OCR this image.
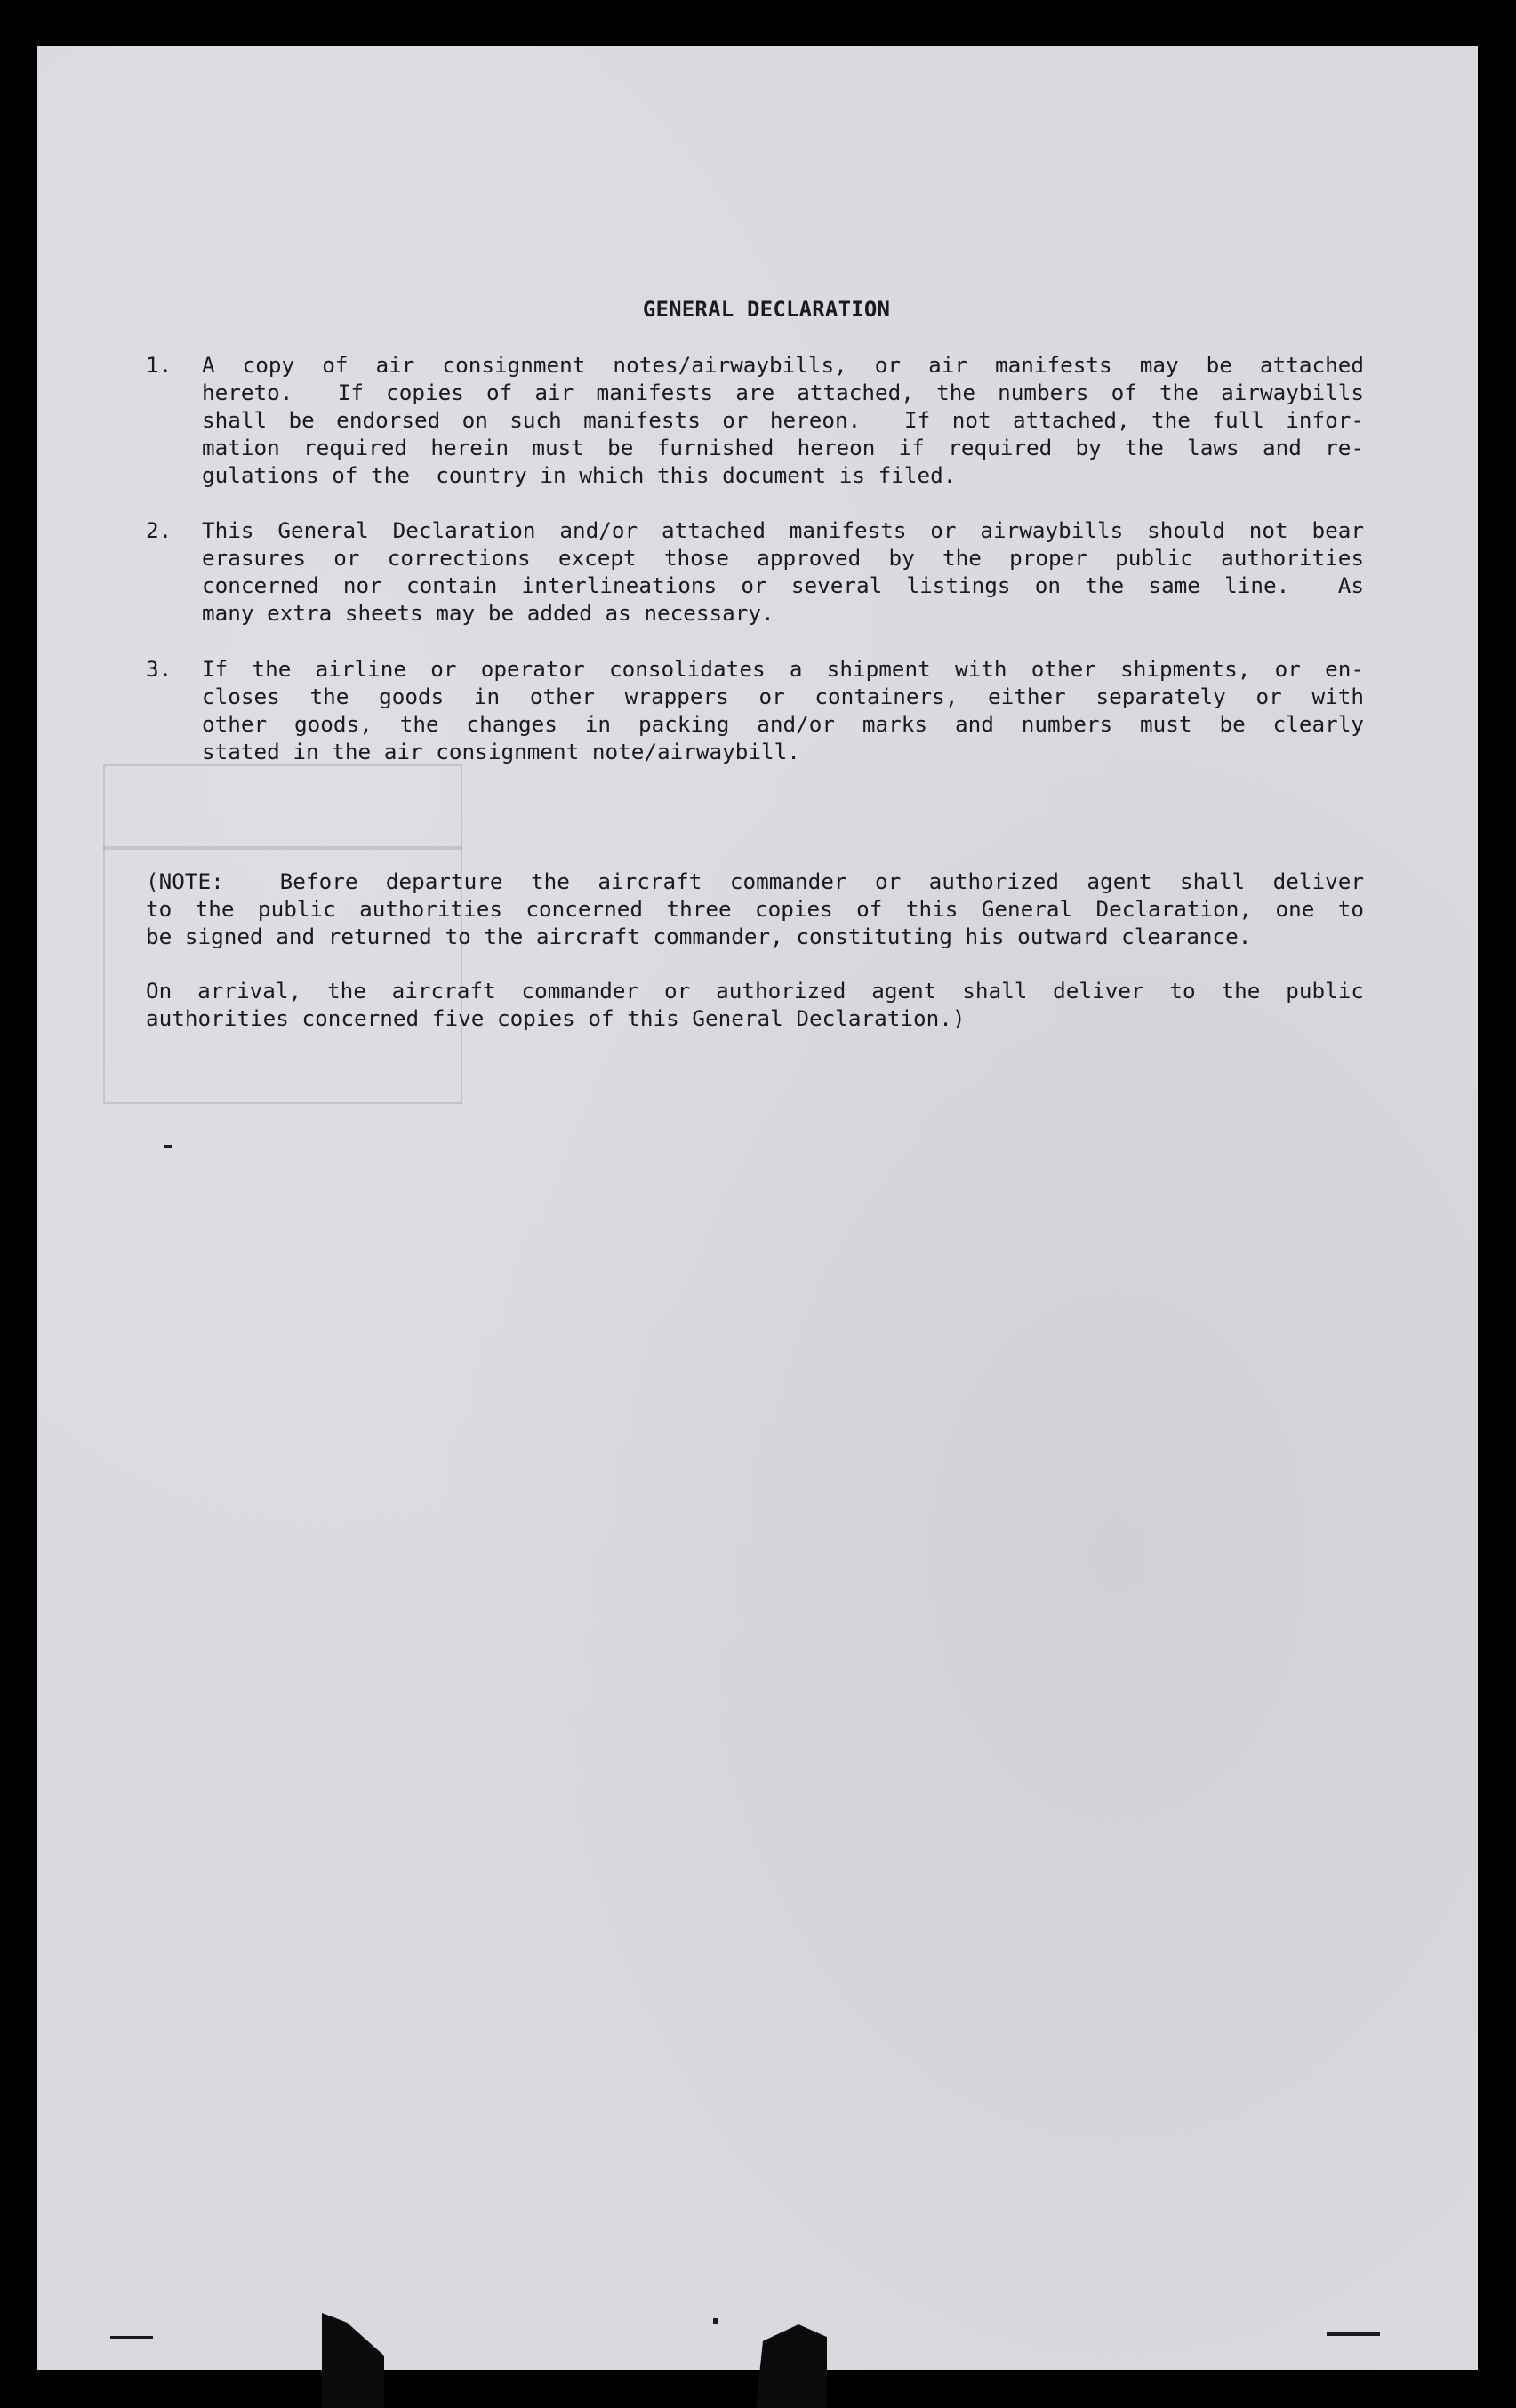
GENERAL DECLARATION
1. A copy of air consignment notes/airwaybills, or air manifests may be attached
hereto.  If copies of air manifests are attached, the numbers of the airwaybills
shall be endorsed on such manifests or hereon.  If not attached, the full infor-
mation required herein must be furnished hereon if required by the laws and re-
gulations of the  country in which this document is filed.
2. This General Declaration and/or attached manifests or airwaybills should not bear
erasures or corrections except those approved by the proper public authorities
concerned nor contain interlineations or several listings on the same line.  As
many extra sheets may be added as necessary.
3. If the airline or operator consolidates a shipment with other shipments, or en-
closes the goods in other wrappers or containers, either separately or with
other goods, the changes in packing and/or marks and numbers must be clearly
stated in the air consignment note/airwaybill.
(NOTE:  Before departure the aircraft commander or authorized agent shall deliver
to the public authorities concerned three copies of this General Declaration, one to
be signed and returned to the aircraft commander, constituting his outward clearance.
On arrival, the aircraft commander or authorized agent shall deliver to the public
authorities concerned five copies of this General Declaration.)
